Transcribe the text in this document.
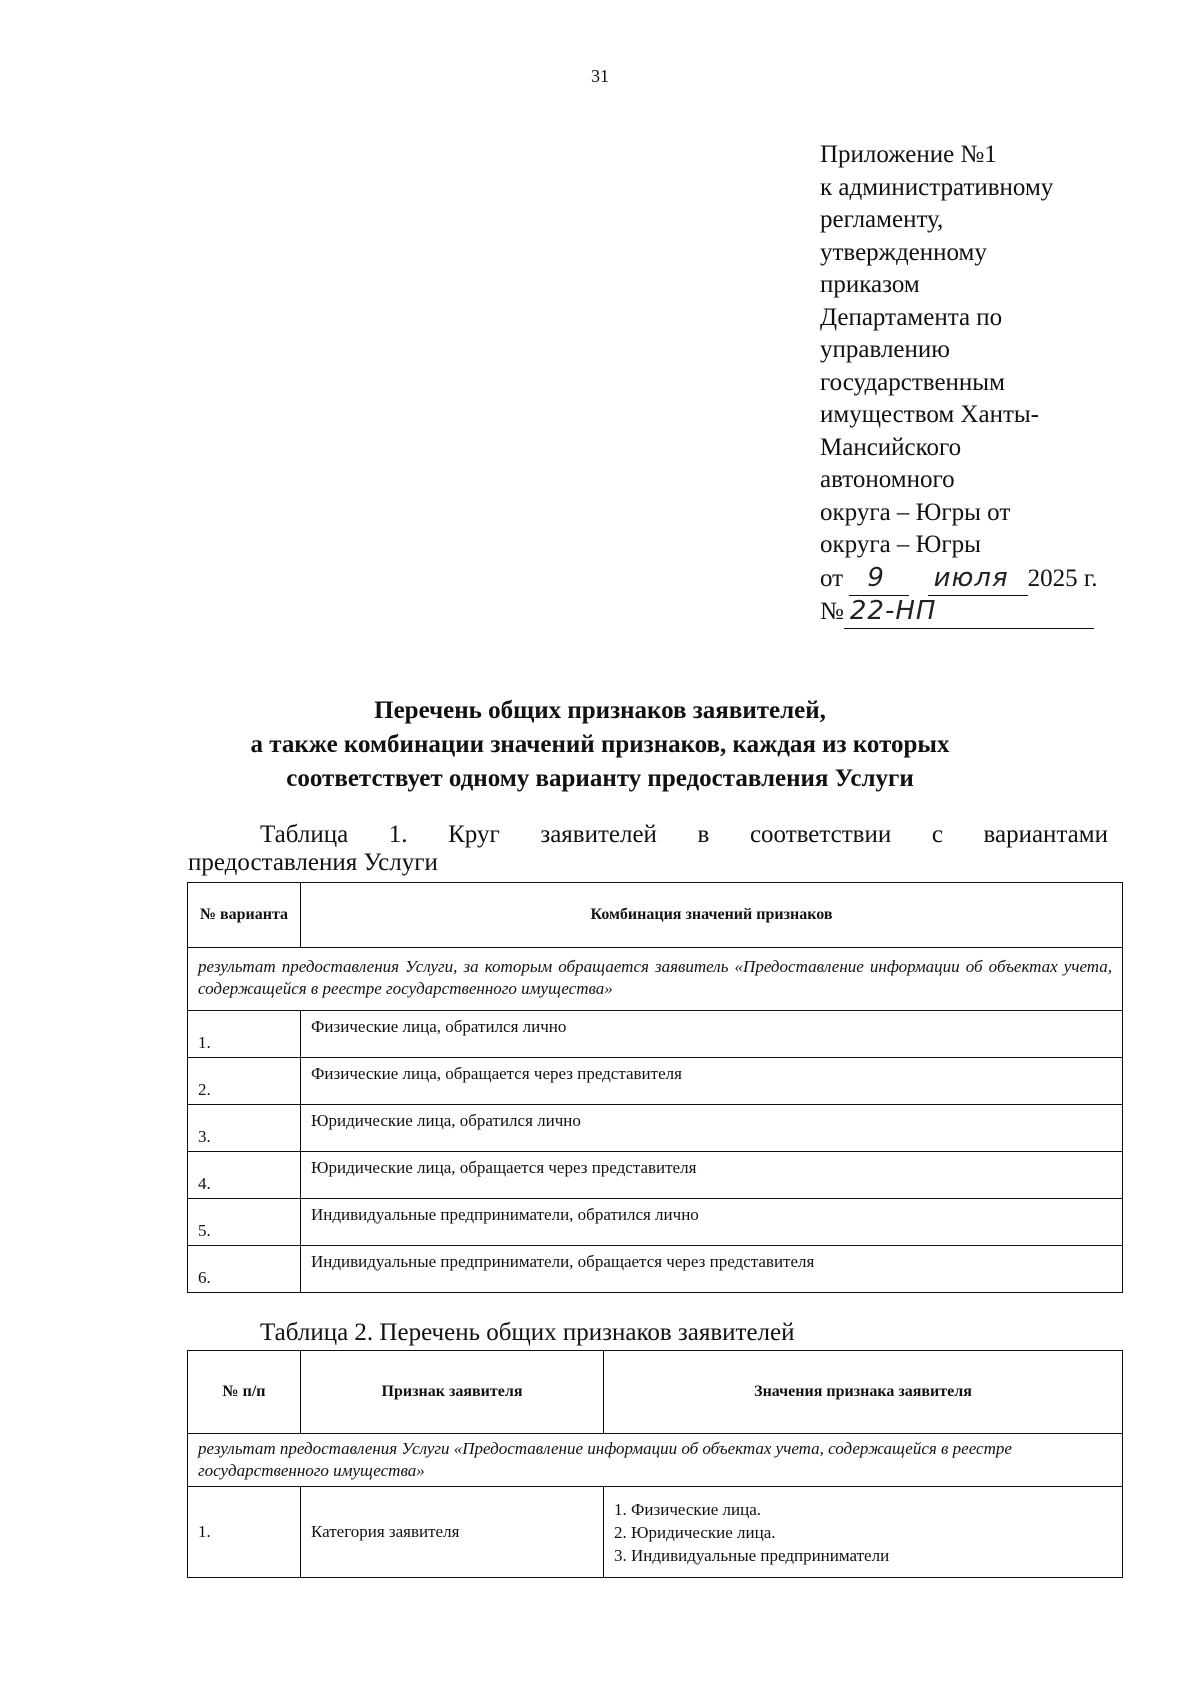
31
Приложение №1
к административному
регламенту,
утвержденному
приказом
Департамента по
управлению
государственным
имуществом Ханты-
Мансийского
автономного
округа – Югры от
округа – Югры
от 9
июля 2025 г.
№ 22-НП
Перечень общих признаков заявителей,
а также комбинации значений признаков, каждая из которых
соответствует одному варианту предоставления Услуги
Таблица 1. Круг заявителей в соответствии с вариантами
предоставления Услуги
№ варианта	Комбинация значений признаков
результат предоставления Услуги, за которым обращается заявитель «Предоставление информации об объектах учета, содержащейся в реестре государственного имущества»	
1.	Физические лица, обратился лично
2.	Физические лица, обращается через представителя
3.	Юридические лица, обратился лично
4.	Юридические лица, обращается через представителя
5.	Индивидуальные предприниматели, обратился лично
6.	Индивидуальные предприниматели, обращается через представителя
Таблица 2. Перечень общих признаков заявителей
№ п/п	Признак заявителя	Значения признака заявителя
результат предоставления Услуги «Предоставление информации об объектах учета, содержащейся в реестре государственного имущества»		
1.	Категория заявителя	1. Физические лица.
2. Юридические лица.
3. Индивидуальные предприниматели
